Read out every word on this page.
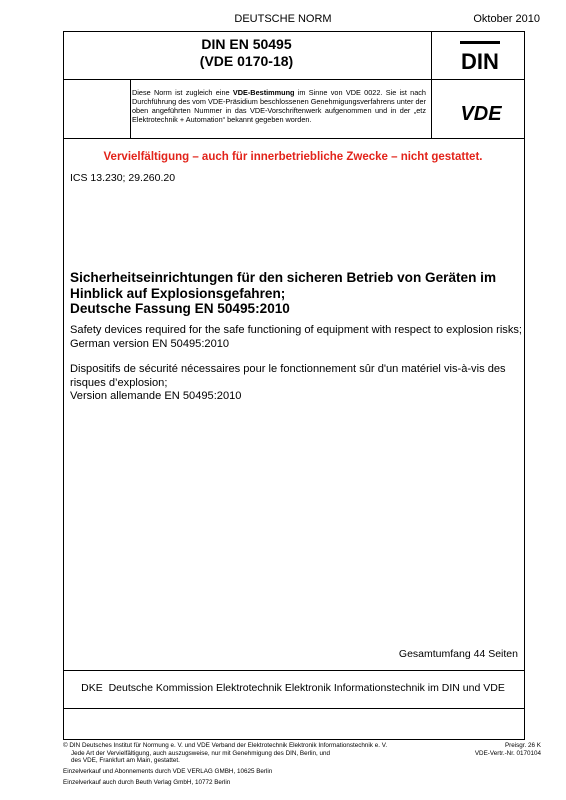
DEUTSCHE NORM	Oktober 2010
DIN EN 50495
(VDE 0170-18)	DIN
VDE
Diese Norm ist zugleich eine VDE-Bestimmung im Sinne von VDE 0022. Sie ist nach Durchführung des vom VDE-Präsidium beschlossenen Genehmigungsverfahrens unter der oben angeführten Nummer in das VDE-Vorschriftenwerk aufgenommen und in der „etz Elektrotechnik + Automation“ bekannt gegeben worden.
Vervielfältigung – auch für innerbetriebliche Zwecke – nicht gestattet.
ICS 13.230; 29.260.20
Sicherheitseinrichtungen für den sicheren Betrieb von Geräten im
Hinblick auf Explosionsgefahren;
Deutsche Fassung EN 50495:2010
Safety devices required for the safe functioning of equipment with respect to explosion risks;
German version EN 50495:2010
Dispositifs de sécurité nécessaires pour le fonctionnement sûr d'un matériel vis-à-vis des
risques d’explosion;
Version allemande EN 50495:2010
Gesamtumfang 44 Seiten
DKE  Deutsche Kommission Elektrotechnik Elektronik Informationstechnik im DIN und VDE
© DIN Deutsches Institut für Normung e. V. und VDE Verband der Elektrotechnik Elektronik Informationstechnik e. V.
Jede Art der Vervielfältigung, auch auszugsweise, nur mit Genehmigung des DIN, Berlin, und
des VDE, Frankfurt am Main, gestattet.
Preisgr. 26 K
VDE-Vertr.-Nr. 0170104
Einzelverkauf und Abonnements durch VDE VERLAG GMBH, 10625 Berlin
Einzelverkauf auch durch Beuth Verlag GmbH, 10772 Berlin
